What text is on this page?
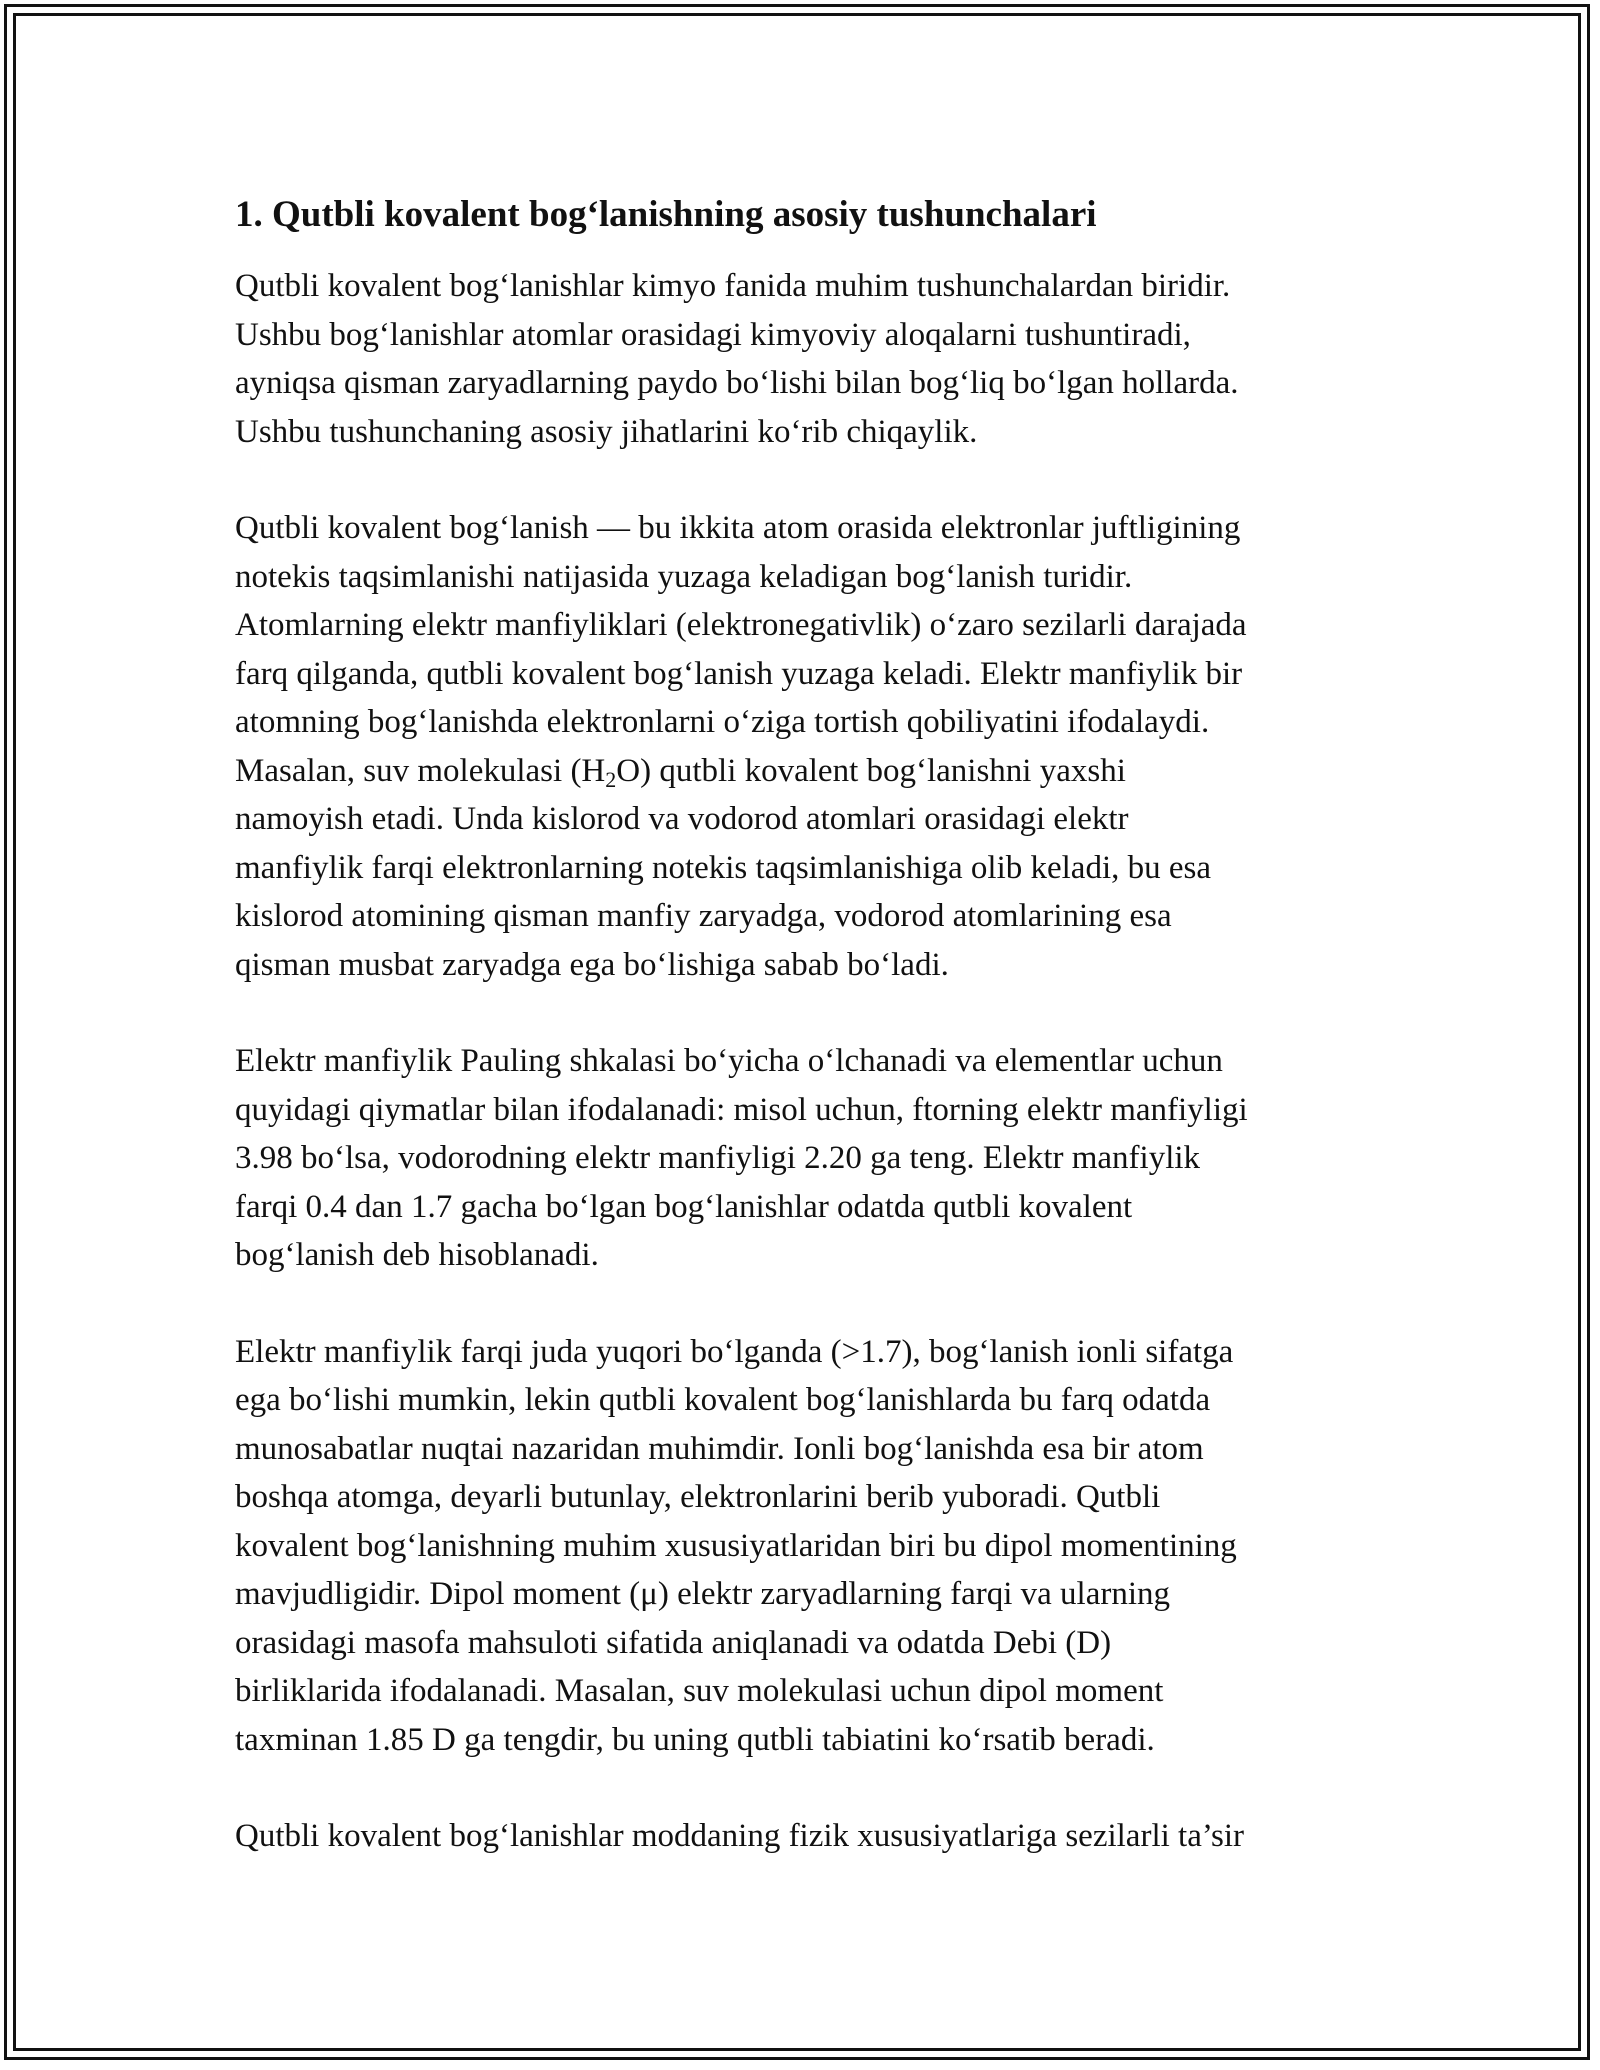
1. Qutbli kovalent bog‘lanishning asosiy tushunchalari

Qutbli kovalent bog‘lanishlar kimyo fanida muhim tushunchalardan biridir.
Ushbu bog‘lanishlar atomlar orasidagi kimyoviy aloqalarni tushuntiradi,
ayniqsa qisman zaryadlarning paydo bo‘lishi bilan bog‘liq bo‘lgan hollarda.
Ushbu tushunchaning asosiy jihatlarini ko‘rib chiqaylik.

Qutbli kovalent bog‘lanish — bu ikkita atom orasida elektronlar juftligining
notekis taqsimlanishi natijasida yuzaga keladigan bog‘lanish turidir.
Atomlarning elektr manfiyliklari (elektronegativlik) o‘zaro sezilarli darajada
farq qilganda, qutbli kovalent bog‘lanish yuzaga keladi. Elektr manfiylik bir
atomning bog‘lanishda elektronlarni o‘ziga tortish qobiliyatini ifodalaydi.
Masalan, suv molekulasi $(H_2O)$ qutbli kovalent bog‘lanishni yaxshi
namoyish etadi. Unda kislorod va vodorod atomlari orasidagi elektr
manfiylik farqi elektronlarning notekis taqsimlanishiga olib keladi, bu esa
kislorod atomining qisman manfiy zaryadga, vodorod atomlarining esa
qisman musbat zaryadga ega bo‘lishiga sabab bo‘ladi.

Elektr manfiylik Pauling shkalasi bo‘yicha o‘lchanadi va elementlar uchun
quyidagi qiymatlar bilan ifodalanadi: misol uchun, ftorning elektr manfiyligi
3.98 bo‘lsa, vodorodning elektr manfiyligi 2.20 ga teng. Elektr manfiylik
farqi 0.4 dan 1.7 gacha bo‘lgan bog‘lanishlar odatda qutbli kovalent
bog‘lanish deb hisoblanadi.

Elektr manfiylik farqi juda yuqori bo‘lganda (>1.7), bog‘lanish ionli sifatga
ega bo‘lishi mumkin, lekin qutbli kovalent bog‘lanishlarda bu farq odatda
munosabatlar nuqtai nazaridan muhimdir. Ionli bog‘lanishda esa bir atom
boshqa atomga, deyarli butunlay, elektronlarini berib yuboradi. Qutbli
kovalent bog‘lanishning muhim xususiyatlaridan biri bu dipol momentining
mavjudligidir. Dipol moment (μ) elektr zaryadlarning farqi va ularning
orasidagi masofa mahsuloti sifatida aniqlanadi va odatda Debi (D)
birliklarida ifodalanadi. Masalan, suv molekulasi uchun dipol moment
taxminan 1.85 D ga tengdir, bu uning qutbli tabiatini ko‘rsatib beradi.

Qutbli kovalent bog‘lanishlar moddaning fizik xususiyatlariga sezilarli ta’sir
